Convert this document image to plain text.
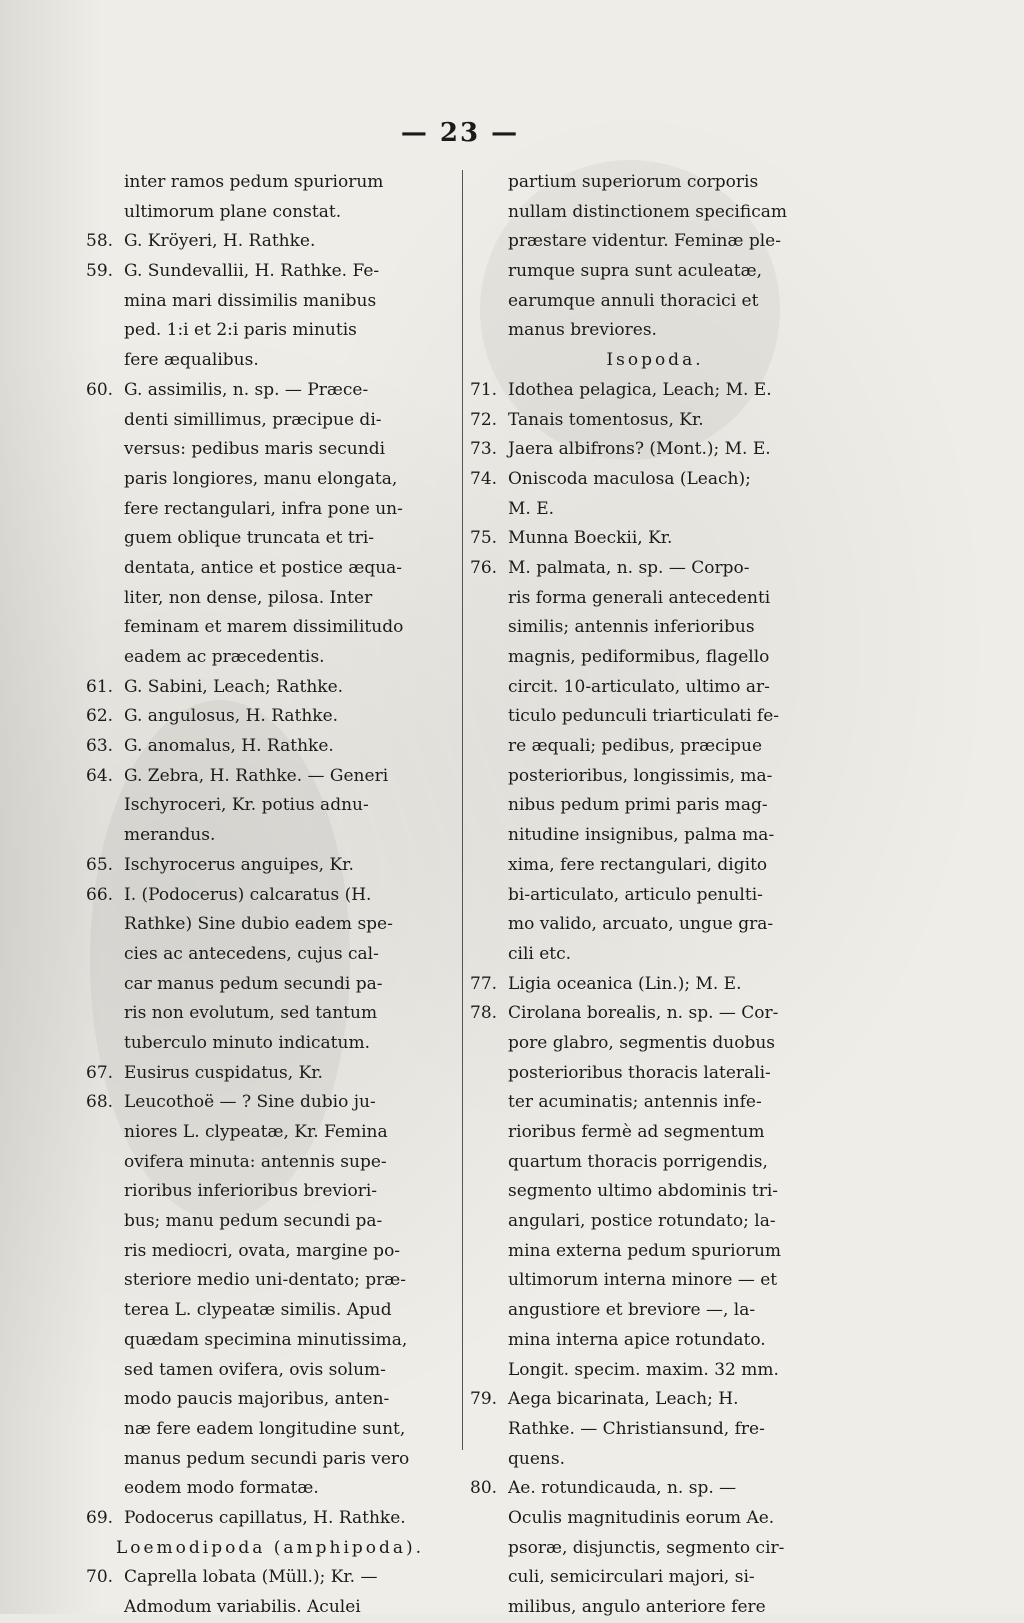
— 23 —
inter ramos pedum spuriorum
ultimorum plane constat.
58. G. Kröyeri, H. Rathke.
59. G. Sundevallii, H. Rathke. Fe-
mina mari dissimilis manibus
ped. 1:i et 2:i paris minutis
fere æqualibus.
60. G. assimilis, n. sp. — Præce-
denti simillimus, præcipue di-
versus: pedibus maris secundi
paris longiores, manu elongata,
fere rectangulari, infra pone un-
guem oblique truncata et tri-
dentata, antice et postice æqua-
liter, non dense, pilosa. Inter
feminam et marem dissimilitudo
eadem ac præcedentis.
61. G. Sabini, Leach; Rathke.
62. G. angulosus, H. Rathke.
63. G. anomalus, H. Rathke.
64. G. Zebra, H. Rathke. — Generi
Ischyroceri, Kr. potius adnu-
merandus.
65. Ischyrocerus anguipes, Kr.
66. I. (Podocerus) calcaratus (H.
Rathke) Sine dubio eadem spe-
cies ac antecedens, cujus cal-
car manus pedum secundi pa-
ris non evolutum, sed tantum
tuberculo minuto indicatum.
67. Eusirus cuspidatus, Kr.
68. Leucothoë — ? Sine dubio ju-
niores L. clypeatæ, Kr. Femina
ovifera minuta: antennis supe-
rioribus inferioribus breviori-
bus; manu pedum secundi pa-
ris mediocri, ovata, margine po-
steriore medio uni-dentato; præ-
terea L. clypeatæ similis. Apud
quædam specimina minutissima,
sed tamen ovifera, ovis solum-
modo paucis majoribus, anten-
næ fere eadem longitudine sunt,
manus pedum secundi paris vero
eodem modo formatæ.
69. Podocerus capillatus, H. Rathke.
Loemodipoda (amphipoda).
70. Caprella lobata (Müll.); Kr. —
Admodum variabilis. Aculei
partium superiorum corporis
nullam distinctionem specificam
præstare videntur. Feminæ ple-
rumque supra sunt aculeatæ,
earumque annuli thoracici et
manus breviores.
Isopoda.
71. Idothea pelagica, Leach; M. E.
72. Tanais tomentosus, Kr.
73. Jaera albifrons? (Mont.); M. E.
74. Oniscoda maculosa (Leach);
M. E.
75. Munna Boeckii, Kr.
76. M. palmata, n. sp. — Corpo-
ris forma generali antecedenti
similis; antennis inferioribus
magnis, pediformibus, flagello
circit. 10-articulato, ultimo ar-
ticulo pedunculi triarticulati fe-
re æquali; pedibus, præcipue
posterioribus, longissimis, ma-
nibus pedum primi paris mag-
nitudine insignibus, palma ma-
xima, fere rectangulari, digito
bi-articulato, articulo penulti-
mo valido, arcuato, ungue gra-
cili etc.
77. Ligia oceanica (Lin.); M. E.
78. Cirolana borealis, n. sp. — Cor-
pore glabro, segmentis duobus
posterioribus thoracis laterali-
ter acuminatis; antennis infe-
rioribus fermè ad segmentum
quartum thoracis porrigendis,
segmento ultimo abdominis tri-
angulari, postice rotundato; la-
mina externa pedum spuriorum
ultimorum interna minore — et
angustiore et breviore —, la-
mina interna apice rotundato.
Longit. specim. maxim. 32 mm.
79. Aega bicarinata, Leach; H.
Rathke. — Christiansund, fre-
quens.
80. Ae. rotundicauda, n. sp. —
Oculis magnitudinis eorum Ae.
psoræ, disjunctis, segmento cir-
culi, semicirculari majori, si-
milibus, angulo anteriore fere
